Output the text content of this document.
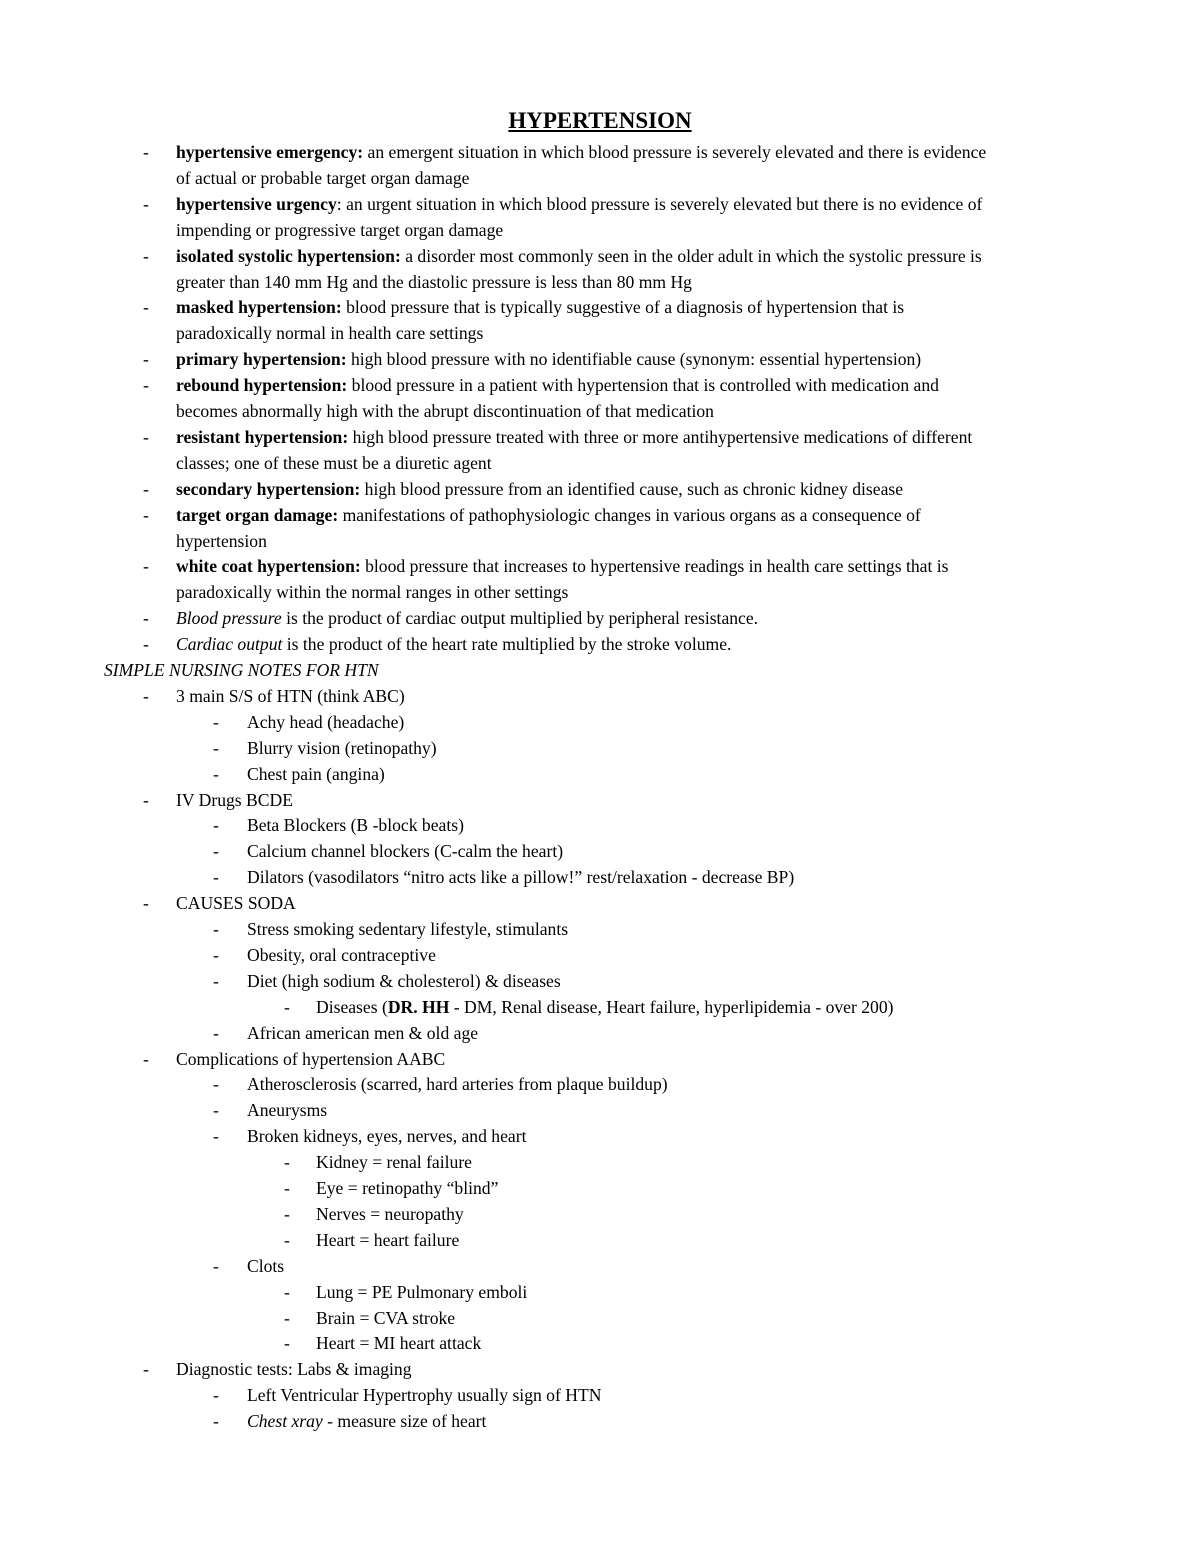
HYPERTENSION
- hypertensive emergency: an emergent situation in which blood pressure is severely elevated and there is evidence
of actual or probable target organ damage
- hypertensive urgency: an urgent situation in which blood pressure is severely elevated but there is no evidence of
impending or progressive target organ damage
- isolated systolic hypertension: a disorder most commonly seen in the older adult in which the systolic pressure is
greater than 140 mm Hg and the diastolic pressure is less than 80 mm Hg
- masked hypertension: blood pressure that is typically suggestive of a diagnosis of hypertension that is
paradoxically normal in health care settings
- primary hypertension: high blood pressure with no identifiable cause (synonym: essential hypertension)
- rebound hypertension: blood pressure in a patient with hypertension that is controlled with medication and
becomes abnormally high with the abrupt discontinuation of that medication
- resistant hypertension: high blood pressure treated with three or more antihypertensive medications of different
classes; one of these must be a diuretic agent
- secondary hypertension: high blood pressure from an identified cause, such as chronic kidney disease
- target organ damage: manifestations of pathophysiologic changes in various organs as a consequence of
hypertension
- white coat hypertension: blood pressure that increases to hypertensive readings in health care settings that is
paradoxically within the normal ranges in other settings
- Blood pressure is the product of cardiac output multiplied by peripheral resistance.
- Cardiac output is the product of the heart rate multiplied by the stroke volume.
SIMPLE NURSING NOTES FOR HTN
- 3 main S/S of HTN (think ABC)
- Achy head (headache)
- Blurry vision (retinopathy)
- Chest pain (angina)
- IV Drugs BCDE
- Beta Blockers (B -block beats)
- Calcium channel blockers (C-calm the heart)
- Dilators (vasodilators “nitro acts like a pillow!” rest/relaxation - decrease BP)
- CAUSES SODA
- Stress smoking sedentary lifestyle, stimulants
- Obesity, oral contraceptive
- Diet (high sodium & cholesterol) & diseases
- Diseases (DR. HH - DM, Renal disease, Heart failure, hyperlipidemia - over 200)
- African american men & old age
- Complications of hypertension AABC
- Atherosclerosis (scarred, hard arteries from plaque buildup)
- Aneurysms
- Broken kidneys, eyes, nerves, and heart
- Kidney = renal failure
- Eye = retinopathy “blind”
- Nerves = neuropathy
- Heart = heart failure
- Clots
- Lung = PE Pulmonary emboli
- Brain = CVA stroke
- Heart = MI heart attack
- Diagnostic tests: Labs & imaging
- Left Ventricular Hypertrophy usually sign of HTN
- Chest xray - measure size of heart
